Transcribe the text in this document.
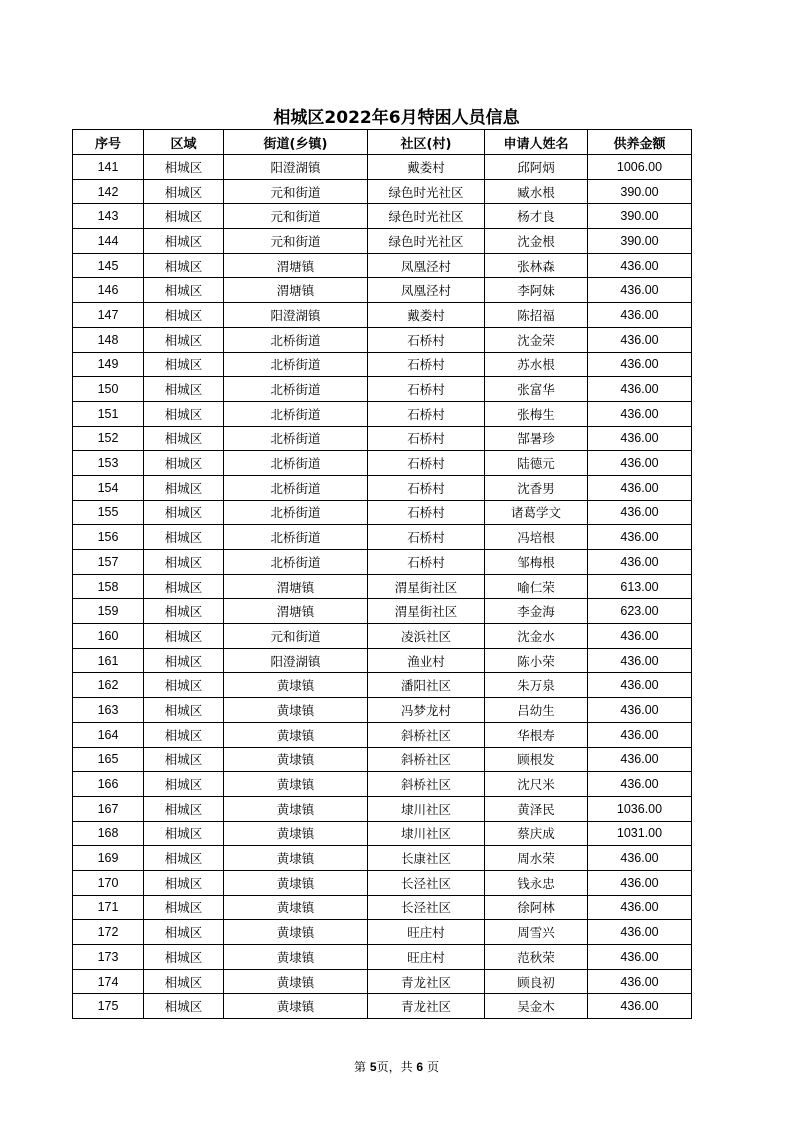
相城区2022年6月特困人员信息
序号	区域	街道(乡镇)	社区(村)	申请人姓名	供养金额
141	相城区	阳澄湖镇	戴娄村	邱阿炳	1006.00
142	相城区	元和街道	绿色时光社区	臧水根	390.00
143	相城区	元和街道	绿色时光社区	杨才良	390.00
144	相城区	元和街道	绿色时光社区	沈金根	390.00
145	相城区	渭塘镇	凤凰泾村	张林森	436.00
146	相城区	渭塘镇	凤凰泾村	李阿妹	436.00
147	相城区	阳澄湖镇	戴娄村	陈招福	436.00
148	相城区	北桥街道	石桥村	沈金荣	436.00
149	相城区	北桥街道	石桥村	苏水根	436.00
150	相城区	北桥街道	石桥村	张富华	436.00
151	相城区	北桥街道	石桥村	张梅生	436.00
152	相城区	北桥街道	石桥村	郜暑珍	436.00
153	相城区	北桥街道	石桥村	陆德元	436.00
154	相城区	北桥街道	石桥村	沈香男	436.00
155	相城区	北桥街道	石桥村	诸葛学文	436.00
156	相城区	北桥街道	石桥村	冯培根	436.00
157	相城区	北桥街道	石桥村	邹梅根	436.00
158	相城区	渭塘镇	渭星街社区	喻仁荣	613.00
159	相城区	渭塘镇	渭星街社区	李金海	623.00
160	相城区	元和街道	凌浜社区	沈金水	436.00
161	相城区	阳澄湖镇	渔业村	陈小荣	436.00
162	相城区	黄埭镇	潘阳社区	朱万泉	436.00
163	相城区	黄埭镇	冯梦龙村	吕幼生	436.00
164	相城区	黄埭镇	斜桥社区	华根寿	436.00
165	相城区	黄埭镇	斜桥社区	顾根发	436.00
166	相城区	黄埭镇	斜桥社区	沈尺米	436.00
167	相城区	黄埭镇	埭川社区	黄泽民	1036.00
168	相城区	黄埭镇	埭川社区	蔡庆成	1031.00
169	相城区	黄埭镇	长康社区	周水荣	436.00
170	相城区	黄埭镇	长泾社区	钱永忠	436.00
171	相城区	黄埭镇	长泾社区	徐阿林	436.00
172	相城区	黄埭镇	旺庄村	周雪兴	436.00
173	相城区	黄埭镇	旺庄村	范秋荣	436.00
174	相城区	黄埭镇	青龙社区	顾良初	436.00
175	相城区	黄埭镇	青龙社区	吴金木	436.00
第 5页，共 6 页
